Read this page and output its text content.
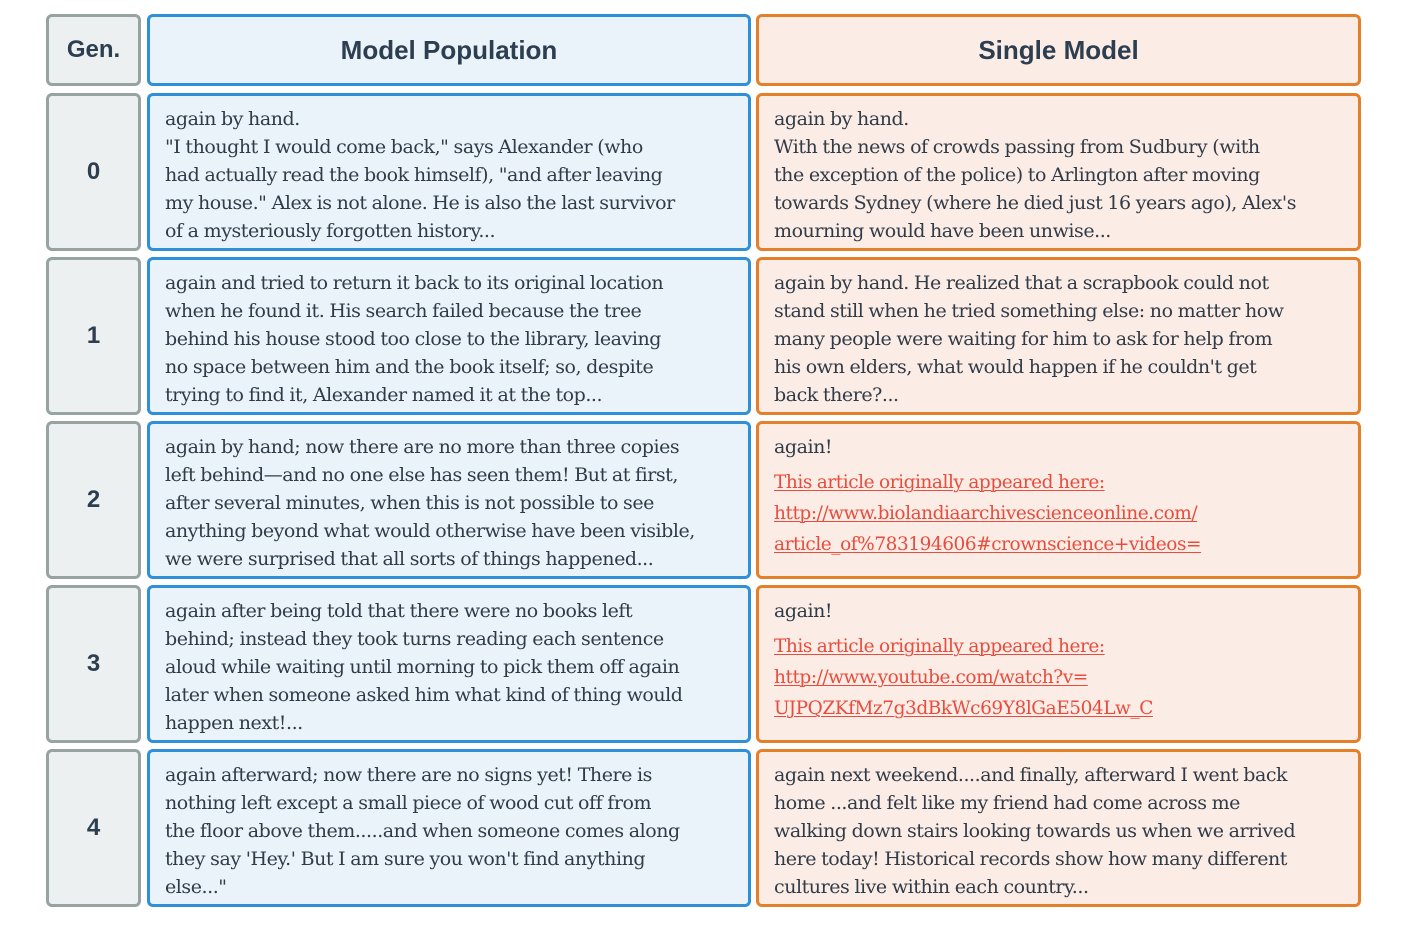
Gen.	Model Population	Single Model
0

again by hand.
"I thought I would come back," says Alexander (who
had actually read the book himself), "and after leaving
my house." Alex is not alone. He is also the last survivor
of a mysteriously forgotten history...

again by hand.
With the news of crowds passing from Sudbury (with
the exception of the police) to Arlington after moving
towards Sydney (where he died just 16 years ago), Alex's
mourning would have been unwise...

1

again and tried to return it back to its original location
when he found it. His search failed because the tree
behind his house stood too close to the library, leaving
no space between him and the book itself; so, despite
trying to find it, Alexander named it at the top...

again by hand. He realized that a scrapbook could not
stand still when he tried something else: no matter how
many people were waiting for him to ask for help from
his own elders, what would happen if he couldn't get
back there?...

2

again by hand; now there are no more than three copies
left behind—and no one else has seen them! But at first,
after several minutes, when this is not possible to see
anything beyond what would otherwise have been visible,
we were surprised that all sorts of things happened...

again!

This article originally appeared here:
http://www.biolandiaarchivescienceonline.com/
article_of%783194606#crownscience+videos=
3

again after being told that there were no books left
behind; instead they took turns reading each sentence
aloud while waiting until morning to pick them off again
later when someone asked him what kind of thing would
happen next!...

again!

This article originally appeared here:
http://www.youtube.com/watch?v=
UJPQZKfMz7g3dBkWc69Y8lGaE504Lw_C
4

again afterward; now there are no signs yet! There is
nothing left except a small piece of wood cut off from
the floor above them.....and when someone comes along
they say 'Hey.' But I am sure you won't find anything
else..."

again next weekend....and finally, afterward I went back
home ...and felt like my friend had come across me
walking down stairs looking towards us when we arrived
here today! Historical records show how many different
cultures live within each country...
